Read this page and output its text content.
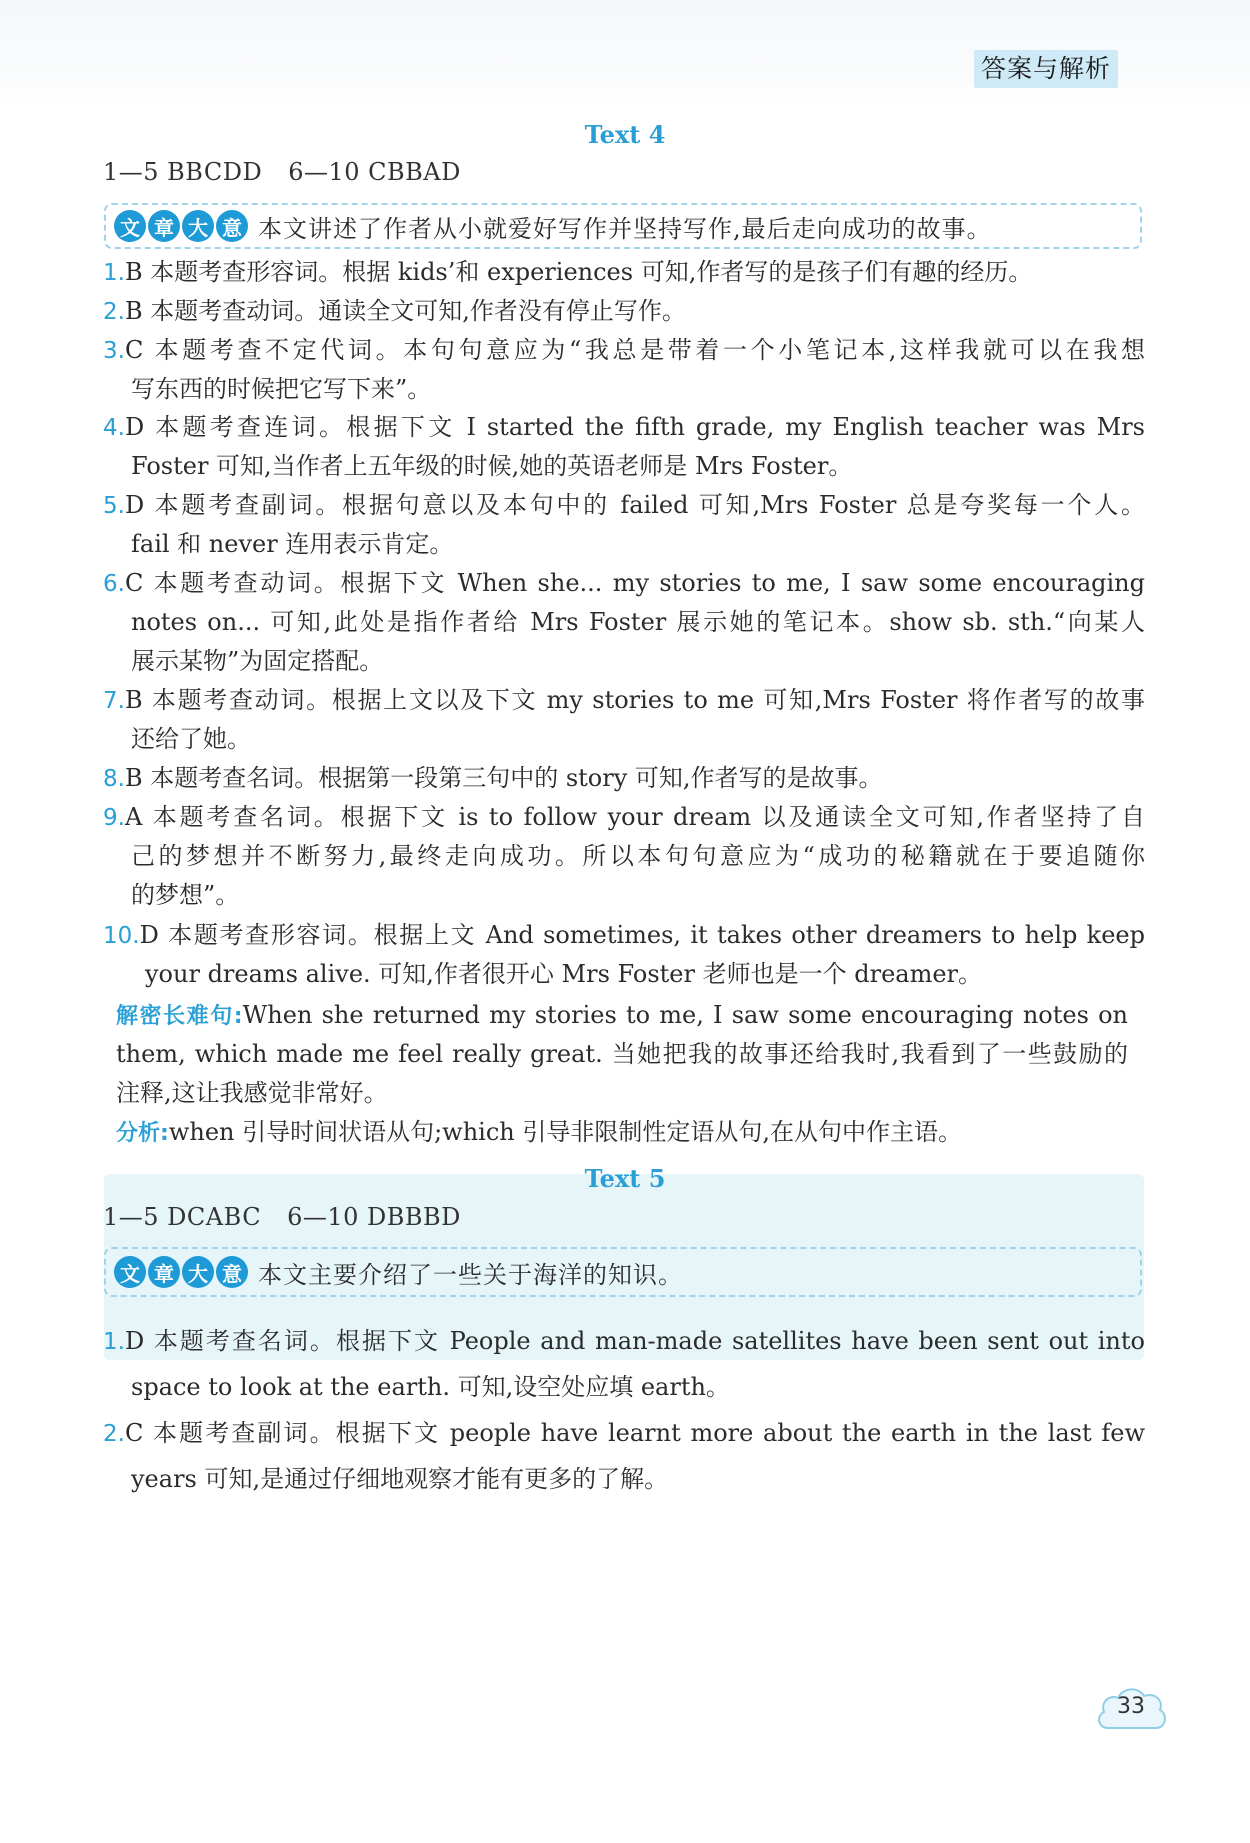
答案与解析
Text 4
1—5 BBCDD 6—10 CBBAD
文 章 大 意 本文讲述了作者从小就爱好写作并坚持写作,最后走向成功的故事。
1.B 本题考查形容词。根据 kids’和 experiences 可知,作者写的是孩子们有趣的经历。
2.B 本题考查动词。通读全文可知,作者没有停止写作。
3.C 本题考查不定代词。本句句意应为“我总是带着一个小笔记本,这样我就可以在我想
写东西的时候把它写下来”。
4.D 本题考查连词。根据下文 I started the fifth grade, my English teacher was Mrs
Foster 可知,当作者上五年级的时候,她的英语老师是 Mrs Foster。
5.D 本题考查副词。根据句意以及本句中的 failed 可知,Mrs Foster 总是夸奖每一个人。
fail 和 never 连用表示肯定。
6.C 本题考查动词。根据下文 When she... my stories to me, I saw some encouraging
notes on... 可知,此处是指作者给 Mrs Foster 展示她的笔记本。show sb. sth.“向某人
展示某物”为固定搭配。
7.B 本题考查动词。根据上文以及下文 my stories to me 可知,Mrs Foster 将作者写的故事
还给了她。
8.B 本题考查名词。根据第一段第三句中的 story 可知,作者写的是故事。
9.A 本题考查名词。根据下文 is to follow your dream 以及通读全文可知,作者坚持了自
己的梦想并不断努力,最终走向成功。所以本句句意应为“成功的秘籍就在于要追随你
的梦想”。
10.D 本题考查形容词。根据上文 And sometimes, it takes other dreamers to help keep
your dreams alive. 可知,作者很开心 Mrs Foster 老师也是一个 dreamer。
解密长难句:When she returned my stories to me, I saw some encouraging notes on
them, which made me feel really great. 当她把我的故事还给我时,我看到了一些鼓励的
注释,这让我感觉非常好。
分析:when 引导时间状语从句;which 引导非限制性定语从句,在从句中作主语。
Text 5
1—5 DCABC 6—10 DBBBD
文 章 大 意 本文主要介绍了一些关于海洋的知识。
1.D 本题考查名词。根据下文 People and man-made satellites have been sent out into
space to look at the earth. 可知,设空处应填 earth。
2.C 本题考查副词。根据下文 people have learnt more about the earth in the last few
years 可知,是通过仔细地观察才能有更多的了解。
33
